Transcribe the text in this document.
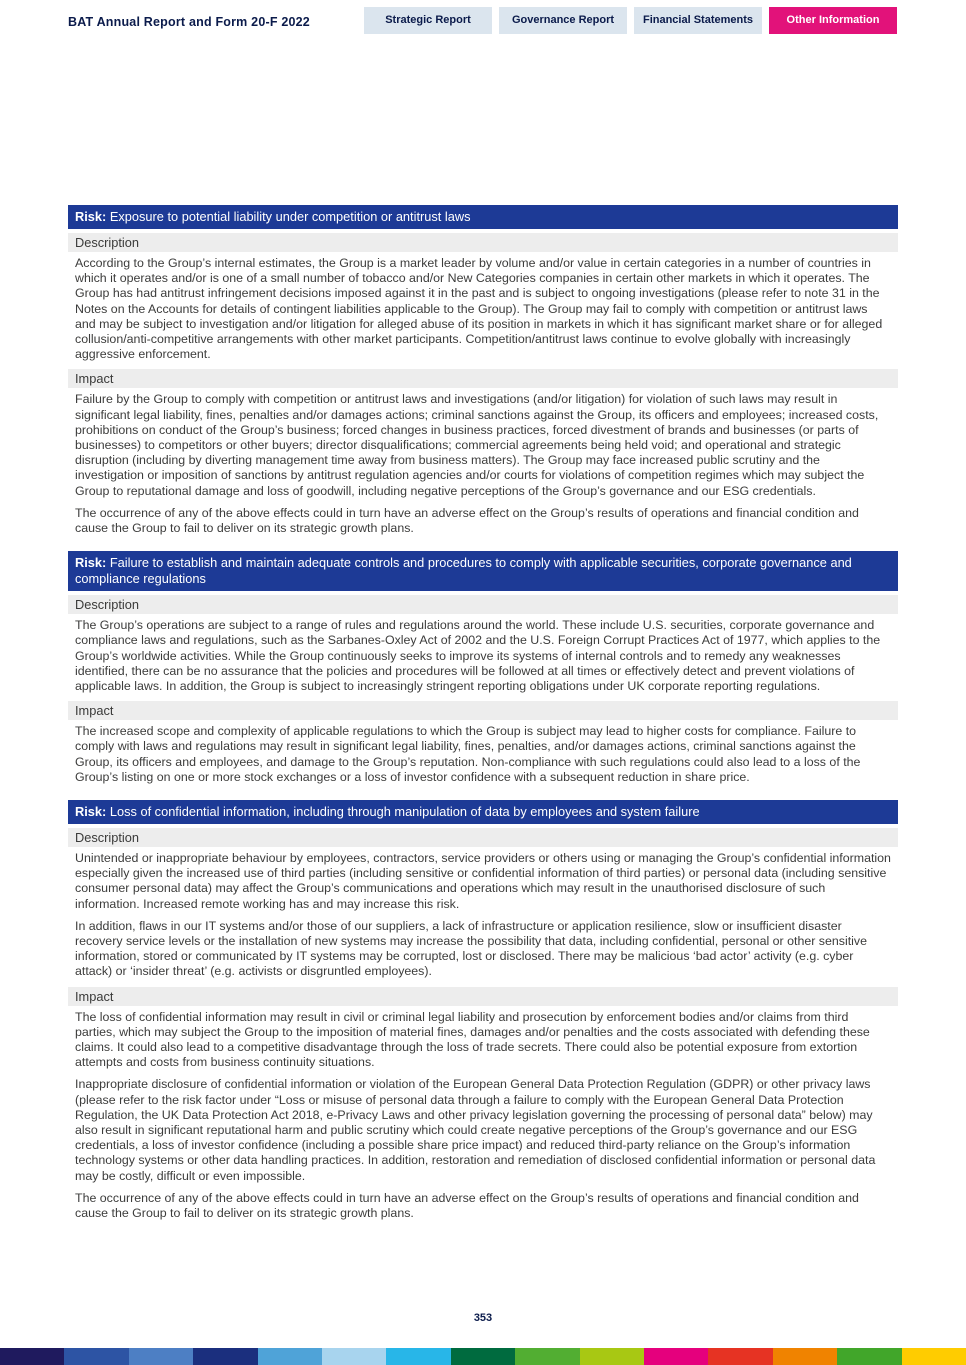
BAT Annual Report and Form 20-F 2022	Strategic Report	Governance Report	Financial Statements	Other Information
Risk: Exposure to potential liability under competition or antitrust laws
Description

According to the Group’s internal estimates, the Group is a market leader by volume and/or value in certain categories in a number of countries in which it operates and/or is one of a small number of tobacco and/or New Categories companies in certain other markets in which it operates. The Group has had antitrust infringement decisions imposed against it in the past and is subject to ongoing investigations (please refer to note 31 in the Notes on the Accounts for details of contingent liabilities applicable to the Group). The Group may fail to comply with competition or antitrust laws and may be subject to investigation and/or litigation for alleged abuse of its position in markets in which it has significant market share or for alleged collusion/anti-competitive arrangements with other market participants. Competition/antitrust laws continue to evolve globally with increasingly aggressive enforcement.

Impact

Failure by the Group to comply with competition or antitrust laws and investigations (and/or litigation) for violation of such laws may result in significant legal liability, fines, penalties and/or damages actions; criminal sanctions against the Group, its officers and employees; increased costs, prohibitions on conduct of the Group’s business; forced changes in business practices, forced divestment of brands and businesses (or parts of businesses) to competitors or other buyers; director disqualifications; commercial agreements being held void; and operational and strategic disruption (including by diverting management time away from business matters). The Group may face increased public scrutiny and the investigation or imposition of sanctions by antitrust regulation agencies and/or courts for violations of competition regimes which may subject the Group to reputational damage and loss of goodwill, including negative perceptions of the Group’s governance and our ESG credentials.

The occurrence of any of the above effects could in turn have an adverse effect on the Group’s results of operations and financial condition and cause the Group to fail to deliver on its strategic growth plans.

Risk: Failure to establish and maintain adequate controls and procedures to comply with applicable securities, corporate governance and compliance regulations
Description

The Group’s operations are subject to a range of rules and regulations around the world. These include U.S. securities, corporate governance and compliance laws and regulations, such as the Sarbanes-Oxley Act of 2002 and the U.S. Foreign Corrupt Practices Act of 1977, which applies to the Group’s worldwide activities. While the Group continuously seeks to improve its systems of internal controls and to remedy any weaknesses identified, there can be no assurance that the policies and procedures will be followed at all times or effectively detect and prevent violations of applicable laws. In addition, the Group is subject to increasingly stringent reporting obligations under UK corporate reporting regulations.

Impact

The increased scope and complexity of applicable regulations to which the Group is subject may lead to higher costs for compliance. Failure to comply with laws and regulations may result in significant legal liability, fines, penalties, and/or damages actions, criminal sanctions against the Group, its officers and employees, and damage to the Group’s reputation. Non-compliance with such regulations could also lead to a loss of the Group’s listing on one or more stock exchanges or a loss of investor confidence with a subsequent reduction in share price.

Risk: Loss of confidential information, including through manipulation of data by employees and system failure
Description

Unintended or inappropriate behaviour by employees, contractors, service providers or others using or managing the Group’s confidential information especially given the increased use of third parties (including sensitive or confidential information of third parties) or personal data (including sensitive consumer personal data) may affect the Group’s communications and operations which may result in the unauthorised disclosure of such information. Increased remote working has and may increase this risk.

In addition, flaws in our IT systems and/or those of our suppliers, a lack of infrastructure or application resilience, slow or insufficient disaster recovery service levels or the installation of new systems may increase the possibility that data, including confidential, personal or other sensitive information, stored or communicated by IT systems may be corrupted, lost or disclosed. There may be malicious ‘bad actor’ activity (e.g. cyber attack) or ‘insider threat’ (e.g. activists or disgruntled employees).

Impact

The loss of confidential information may result in civil or criminal legal liability and prosecution by enforcement bodies and/or claims from third parties, which may subject the Group to the imposition of material fines, damages and/or penalties and the costs associated with defending these claims. It could also lead to a competitive disadvantage through the loss of trade secrets. There could also be potential exposure from extortion attempts and costs from business continuity situations.

Inappropriate disclosure of confidential information or violation of the European General Data Protection Regulation (GDPR) or other privacy laws (please refer to the risk factor under “Loss or misuse of personal data through a failure to comply with the European General Data Protection Regulation, the UK Data Protection Act 2018, e-Privacy Laws and other privacy legislation governing the processing of personal data” below) may also result in significant reputational harm and public scrutiny which could create negative perceptions of the Group’s governance and our ESG credentials, a loss of investor confidence (including a possible share price impact) and reduced third-party reliance on the Group’s information technology systems or other data handling practices. In addition, restoration and remediation of disclosed confidential information or personal data may be costly, difficult or even impossible.

The occurrence of any of the above effects could in turn have an adverse effect on the Group’s results of operations and financial condition and cause the Group to fail to deliver on its strategic growth plans.

353
